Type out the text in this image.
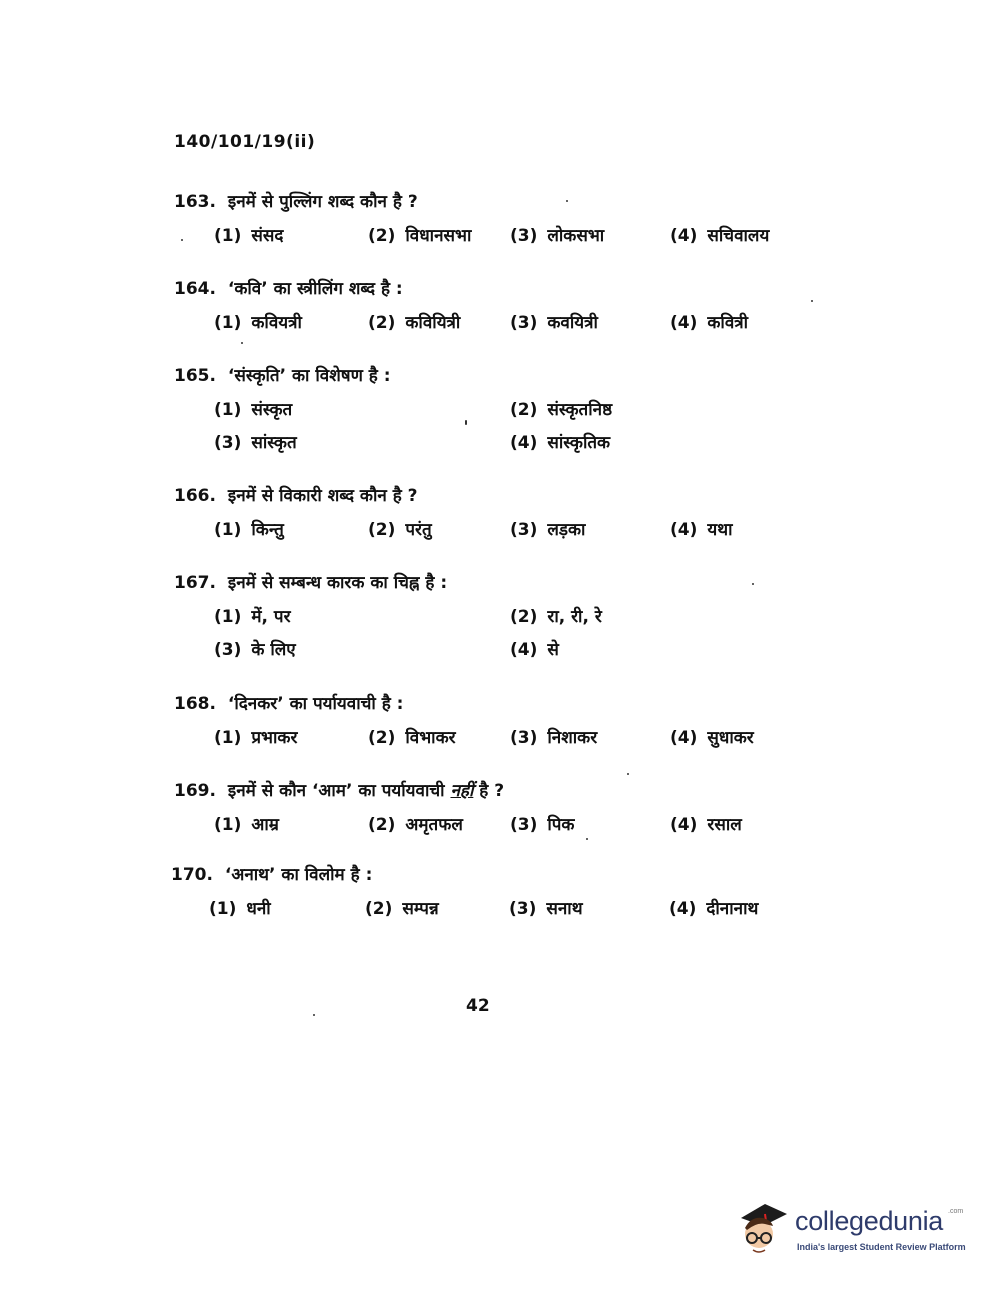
140/101/19(ii)
163. इनमें से पुल्लिंग शब्द कौन है ?
(1) संसद	(2) विधानसभा (3) लोकसभा	(4) सचिवालय
164. ‘कवि’ का स्त्रीलिंग शब्द है :
(1) कवियत्री	(2) कवियित्री	(3) कवयित्री	(4) कवित्री
165. ‘संस्कृति’ का विशेषण है :
(1) संस्कृत	(2) संस्कृतनिष्ठ
(3) सांस्कृत	(4) सांस्कृतिक
166. इनमें से विकारी शब्द कौन है ?
(1) किन्तु	(2) परंतु	(3) लड़का	(4) यथा
167. इनमें से सम्बन्ध कारक का चिह्न है :
(1) में, पर	(2) रा, री, रे
(3) के लिए	(4) से
168. ‘दिनकर’ का पर्यायवाची है :
(1) प्रभाकर	(2) विभाकर	(3) निशाकर	(4) सुधाकर
169. इनमें से कौन ‘आम’ का पर्यायवाची नहीं है ?
(1) आम्र	(2) अमृतफल	(3) पिक	(4) रसाल
170. ‘अनाथ’ का विलोम है :
(1) धनी	(2) सम्पन्न	(3) सनाथ	(4) दीनानाथ
42
collegedunia .com
India's largest Student Review Platform
